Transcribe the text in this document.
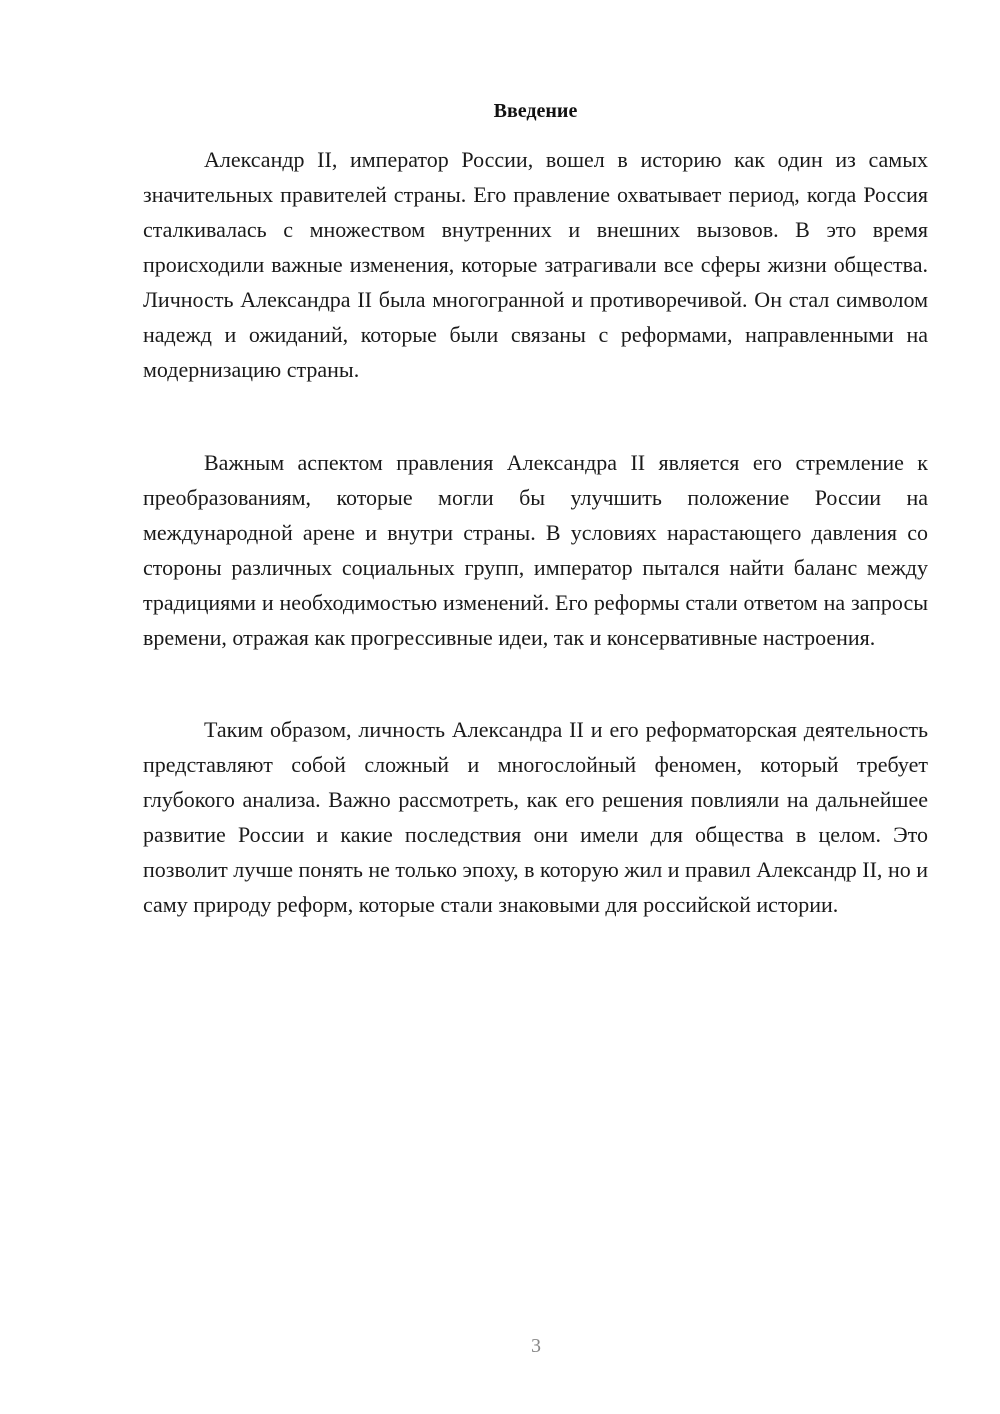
Введение

Александр II, император России, вошел в историю как один из самых значительных правителей страны. Его правление охватывает период, когда Россия сталкивалась с множеством внутренних и внешних вызовов. В это время происходили важные изменения, которые затрагивали все сферы жизни общества. Личность Александра II была многогранной и противоречивой. Он стал символом надежд и ожиданий, которые были связаны с реформами, направленными на модернизацию страны.

Важным аспектом правления Александра II является его стремление к преобразованиям, которые могли бы улучшить положение России на международной арене и внутри страны. В условиях нарастающего давления со стороны различных социальных групп, император пытался найти баланс между традициями и необходимостью изменений. Его реформы стали ответом на запросы времени, отражая как прогрессивные идеи, так и консервативные настроения.

Таким образом, личность Александра II и его реформаторская деятельность представляют собой сложный и многослойный феномен, который требует глубокого анализа. Важно рассмотреть, как его решения повлияли на дальнейшее развитие России и какие последствия они имели для общества в целом. Это позволит лучше понять не только эпоху, в которую жил и правил Александр II, но и саму природу реформ, которые стали знаковыми для российской истории.

3
